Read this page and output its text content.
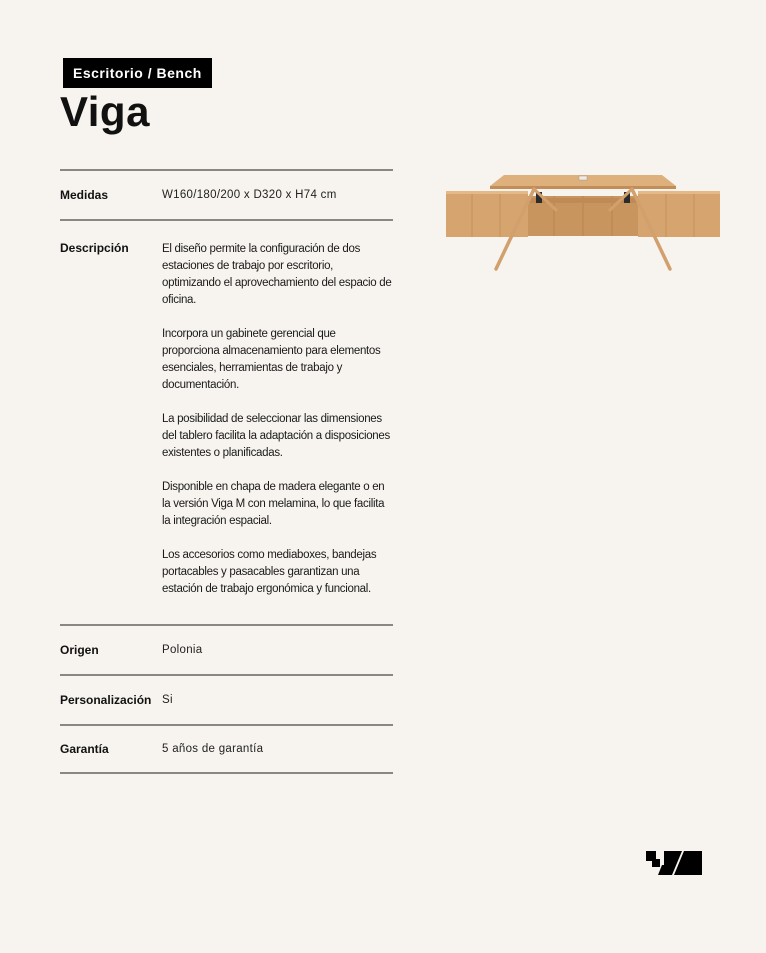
Escritorio / Bench
Viga
Medidas	W160/180/200 x D320 x H74 cm
Descripción	El diseño permite la configuración de dos estaciones de trabajo por escritorio, optimizando el aprovechamiento del espacio de oficina.

Incorpora un gabinete gerencial que proporciona almacenamiento para elementos esenciales, herramientas de trabajo y documentación.

La posibilidad de seleccionar las dimensiones del tablero facilita la adaptación a disposiciones existentes o planificadas.

Disponible en chapa de madera elegante o en la versión Viga M con melamina, lo que facilita la integración espacial.

Los accesorios como mediaboxes, bandejas portacables y pasacables garantizan una estación de trabajo ergonómica y funcional.

Origen	Polonia
Personalización Si
Garantía	5 años de garantía
